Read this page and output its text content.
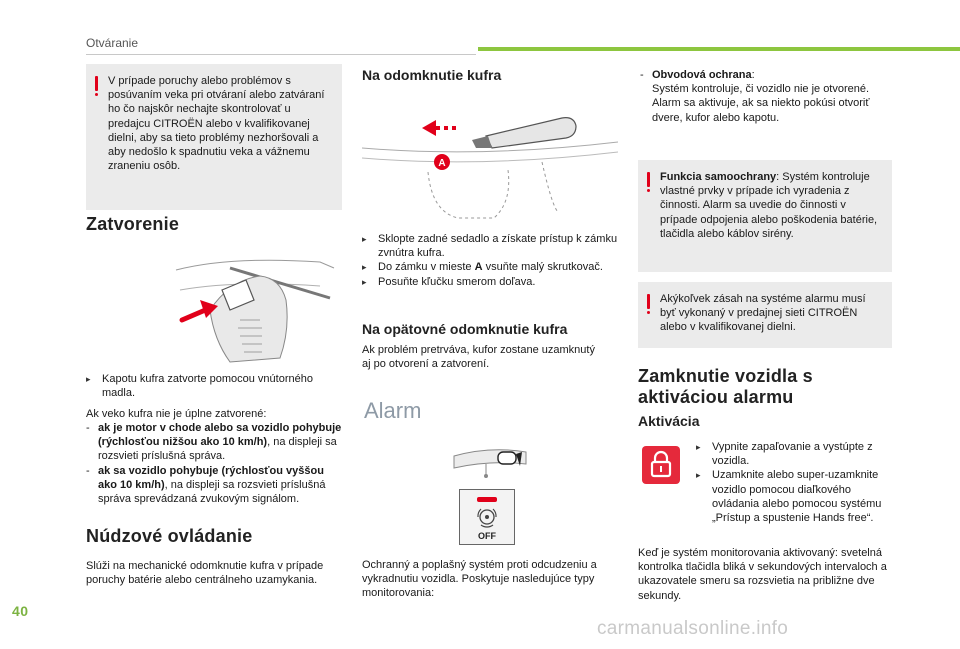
Otváranie
V prípade poruchy alebo problémov s posúvaním veka pri otváraní alebo zatváraní ho čo najskôr nechajte skontrolovať u predajcu CITROËN alebo v kvalifikovanej dielni, aby sa tieto problémy nezhoršovali a aby nedošlo k spadnutiu veka a vážnemu zraneniu osôb.
Zatvorenie
▸	Kapotu kufra zatvorte pomocou vnútorného madla.
Ak veko kufra nie je úplne zatvorené:
- ak je motor v chode alebo sa vozidlo pohybuje (rýchlosťou nižšou ako 10 km/h), na displeji sa rozsvieti príslušná správa.
- ak sa vozidlo pohybuje (rýchlosťou vyššou ako 10 km/h), na displeji sa rozsvieti príslušná správa sprevádzaná zvukovým signálom.
Núdzové ovládanie
Slúži na mechanické odomknutie kufra v prípade poruchy batérie alebo centrálneho uzamykania.
Na odomknutie kufra
A
▸	Sklopte zadné sedadlo a získate prístup k zámku zvnútra kufra.
▸	Do zámku v mieste A vsuňte malý skrutkovač.
▸	Posuňte kľučku smerom doľava.
Na opätovné odomknutie kufra
Ak problém pretrváva, kufor zostane uzamknutý aj po otvorení a zatvorení.
Alarm
OFF
Ochranný a poplašný systém proti odcudzeniu a vykradnutiu vozidla. Poskytuje nasledujúce typy monitorovania:
- Obvodová ochrana:
Systém kontroluje, či vozidlo nie je otvorené. Alarm sa aktivuje, ak sa niekto pokúsi otvoriť dvere, kufor alebo kapotu.
Funkcia samoochrany: Systém kontroluje vlastné prvky v prípade ich vyradenia z činnosti. Alarm sa uvedie do činnosti v prípade odpojenia alebo poškodenia batérie, tlačidla alebo káblov sirény.
Akýkoľvek zásah na systéme alarmu musí byť vykonaný v predajnej sieti CITROËN alebo v kvalifikovanej dielni.
Zamknutie vozidla s
aktiváciou alarmu
Aktivácia
▸	Vypnite zapaľovanie a vystúpte z vozidla.
▸	Uzamknite alebo super-uzamknite vozidlo pomocou diaľkového ovládania alebo pomocou systému „Prístup a spustenie Hands free“.
Keď je systém monitorovania aktivovaný: svetelná kontrolka tlačidla bliká v sekundových intervaloch a ukazovatele smeru sa rozsvietia na približne dve sekundy.
40
carmanualsonline.info
